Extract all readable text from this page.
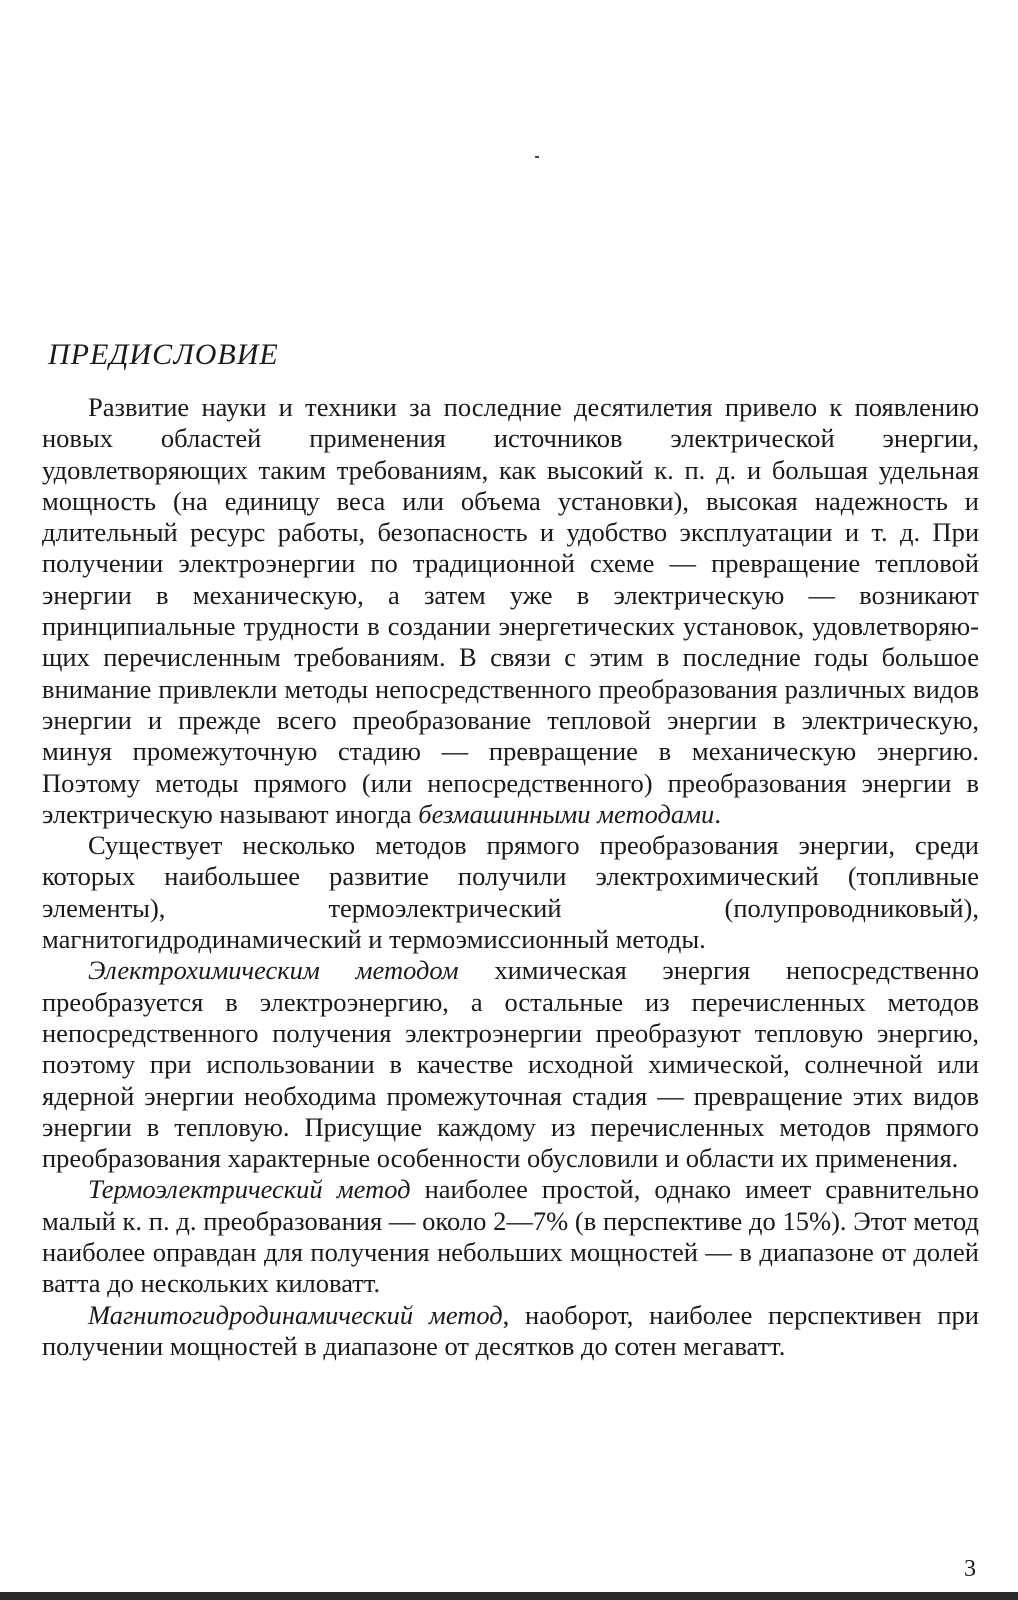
ПРЕДИСЛОВИЕ

Развитие науки и техники за последние десятилетия привело к появлению новых областей применения источников электрической энергии, удовлетворяющих таким требованиям, как высокий к. п. д. и большая удельная мощность (на единицу веса или объема установки), высокая надежность и длительный ресурс работы, безопасность и удобство эксплуатации и т. д. При получении электроэнергии по традиционной схеме — превращение тепловой энергии в механическую, а затем уже в электрическую — возникают принципиальные трудности в создании энергетических установок, удовлетворяющих перечисленным требованиям. В связи с этим в последние годы большое внимание привлекли методы непосредственного преобразования различных видов энергии и прежде всего преобразование тепловой энергии в электрическую, минуя промежуточную стадию — превращение в механическую энергию. Поэтому методы прямого (или непосредственного) преобразования энергии в электрическую называют иногда безмашинными методами.

Существует несколько методов прямого преобразования энергии, среди которых наибольшее развитие получили электрохимический (топливные элементы), термоэлектрический (полупроводниковый), магнитогидродинамический и термоэмиссионный методы.

Электрохимическим методом химическая энергия непосредственно преобразуется в электроэнергию, а остальные из перечисленных методов непосредственного получения электроэнергии преобразуют тепловую энергию, поэтому при использовании в качестве исходной химической, солнечной или ядерной энергии необходима промежуточная стадия — превращение этих видов энергии в тепловую. Присущие каждому из перечисленных методов прямого преобразования характерные особенности обусловили и области их применения.

Термоэлектрический метод наиболее простой, однако имеет сравнительно малый к. п. д. преобразования — около 2—7% (в перспективе до 15%). Этот метод наиболее оправдан для получения небольших мощностей — в диапазоне от долей ватта до нескольких киловатт.

Магнитогидродинамический метод, наоборот, наиболее перспективен при получении мощностей в диапазоне от десятков до сотен мегаватт.

3
